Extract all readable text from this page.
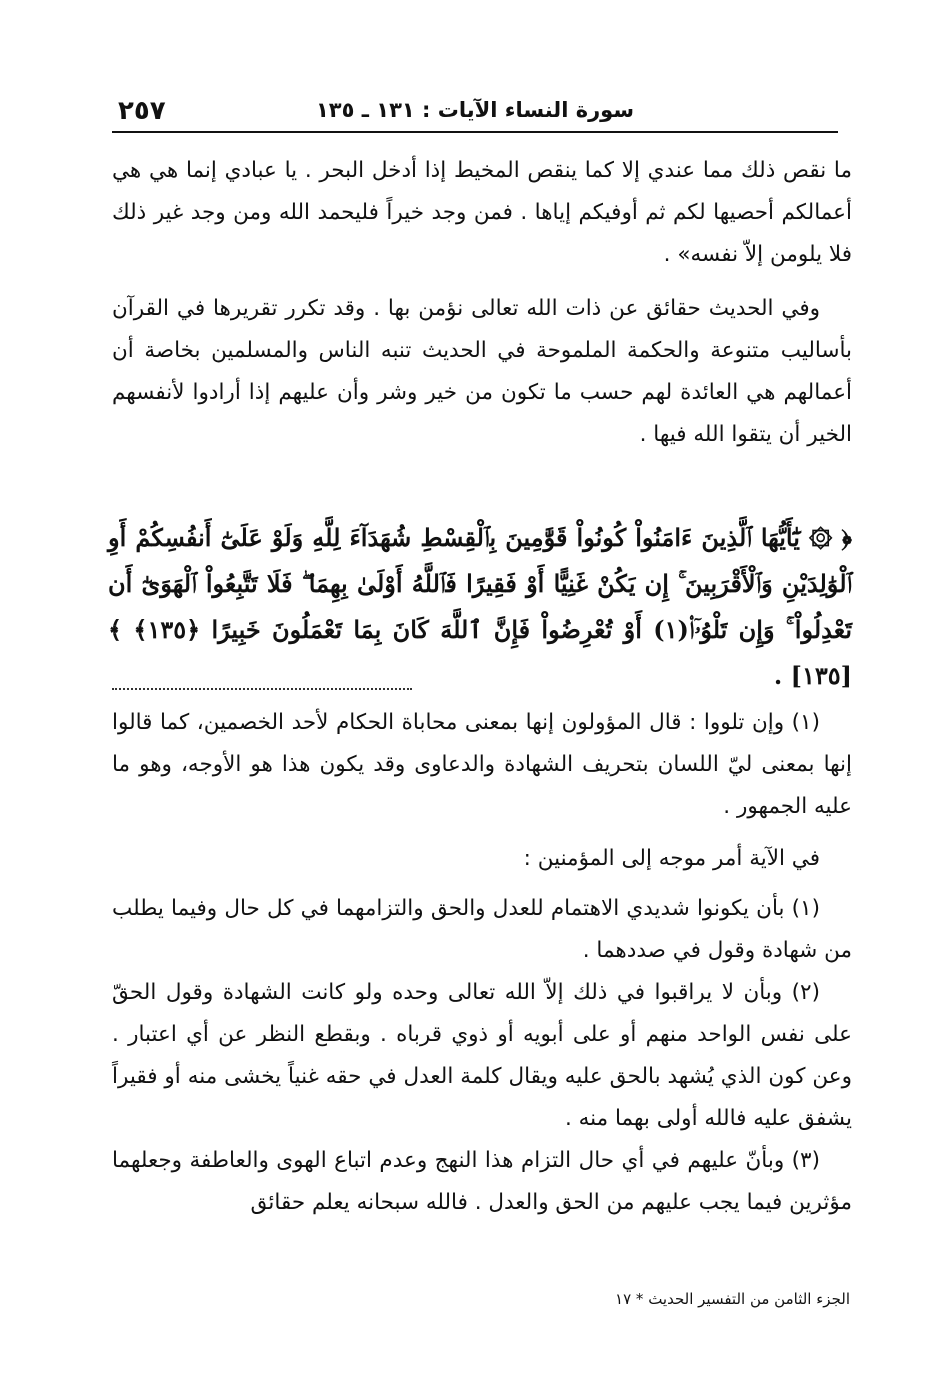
٢٥٧	سورة النساء الآيات : ١٣١ ـ ١٣٥

ما نقص ذلك مما عندي إلا كما ينقص المخيط إذا أدخل البحر . يا عبادي إنما هي هي أعمالكم أحصيها لكم ثم أوفيكم إياها . فمن وجد خيراً فليحمد الله ومن وجد غير ذلك فلا يلومن إلاّ نفسه» .

وفي الحديث حقائق عن ذات الله تعالى نؤمن بها . وقد تكرر تقريرها في القرآن بأساليب متنوعة والحكمة الملموحة في الحديث تنبه الناس والمسلمين بخاصة أن أعمالهم هي العائدة لهم حسب ما تكون من خير وشر وأن عليهم إذا أرادوا لأنفسهم الخير أن يتقوا الله فيها .

﴿ ۞ يَٰٓأَيُّهَا ٱلَّذِينَ ءَامَنُواْ كُونُواْ قَوَّٰمِينَ بِٱلْقِسْطِ شُهَدَآءَ لِلَّهِ وَلَوْ عَلَىٰٓ أَنفُسِكُمْ أَوِ ٱلْوَٰلِدَيْنِ وَٱلْأَقْرَبِينَ ۚ إِن يَكُنْ غَنِيًّا أَوْ فَقِيرًا فَٱللَّهُ أَوْلَىٰ بِهِمَا ۖ فَلَا تَتَّبِعُواْ ٱلْهَوَىٰٓ أَن تَعْدِلُواْ ۚ وَإِن تَلْوُۥٓا۟(١) أَوْ تُعْرِضُواْ فَإِنَّ ٱللَّهَ كَانَ بِمَا تَعْمَلُونَ خَبِيرًا ﴿١٣٥﴾ ﴾ [١٣٥] .

(١) وإن تلووا : قال المؤولون إنها بمعنى محاباة الحكام لأحد الخصمين، كما قالوا إنها بمعنى ليّ اللسان بتحريف الشهادة والدعاوى وقد يكون هذا هو الأوجه، وهو ما عليه الجمهور .

في الآية أمر موجه إلى المؤمنين :

(١) بأن يكونوا شديدي الاهتمام للعدل والحق والتزامهما في كل حال وفيما يطلب من شهادة وقول في صددهما .

(٢) وبأن لا يراقبوا في ذلك إلاّ الله تعالى وحده ولو كانت الشهادة وقول الحقّ على نفس الواحد منهم أو على أبويه أو ذوي قرباه . وبقطع النظر عن أي اعتبار . وعن كون الذي يُشهد بالحق عليه ويقال كلمة العدل في حقه غنياً يخشى منه أو فقيراً يشفق عليه فالله أولى بهما منه .

(٣) وبأنّ عليهم في أي حال التزام هذا النهج وعدم اتباع الهوى والعاطفة وجعلهما مؤثرين فيما يجب عليهم من الحق والعدل . فالله سبحانه يعلم حقائق

الجزء الثامن من التفسير الحديث * ١٧
